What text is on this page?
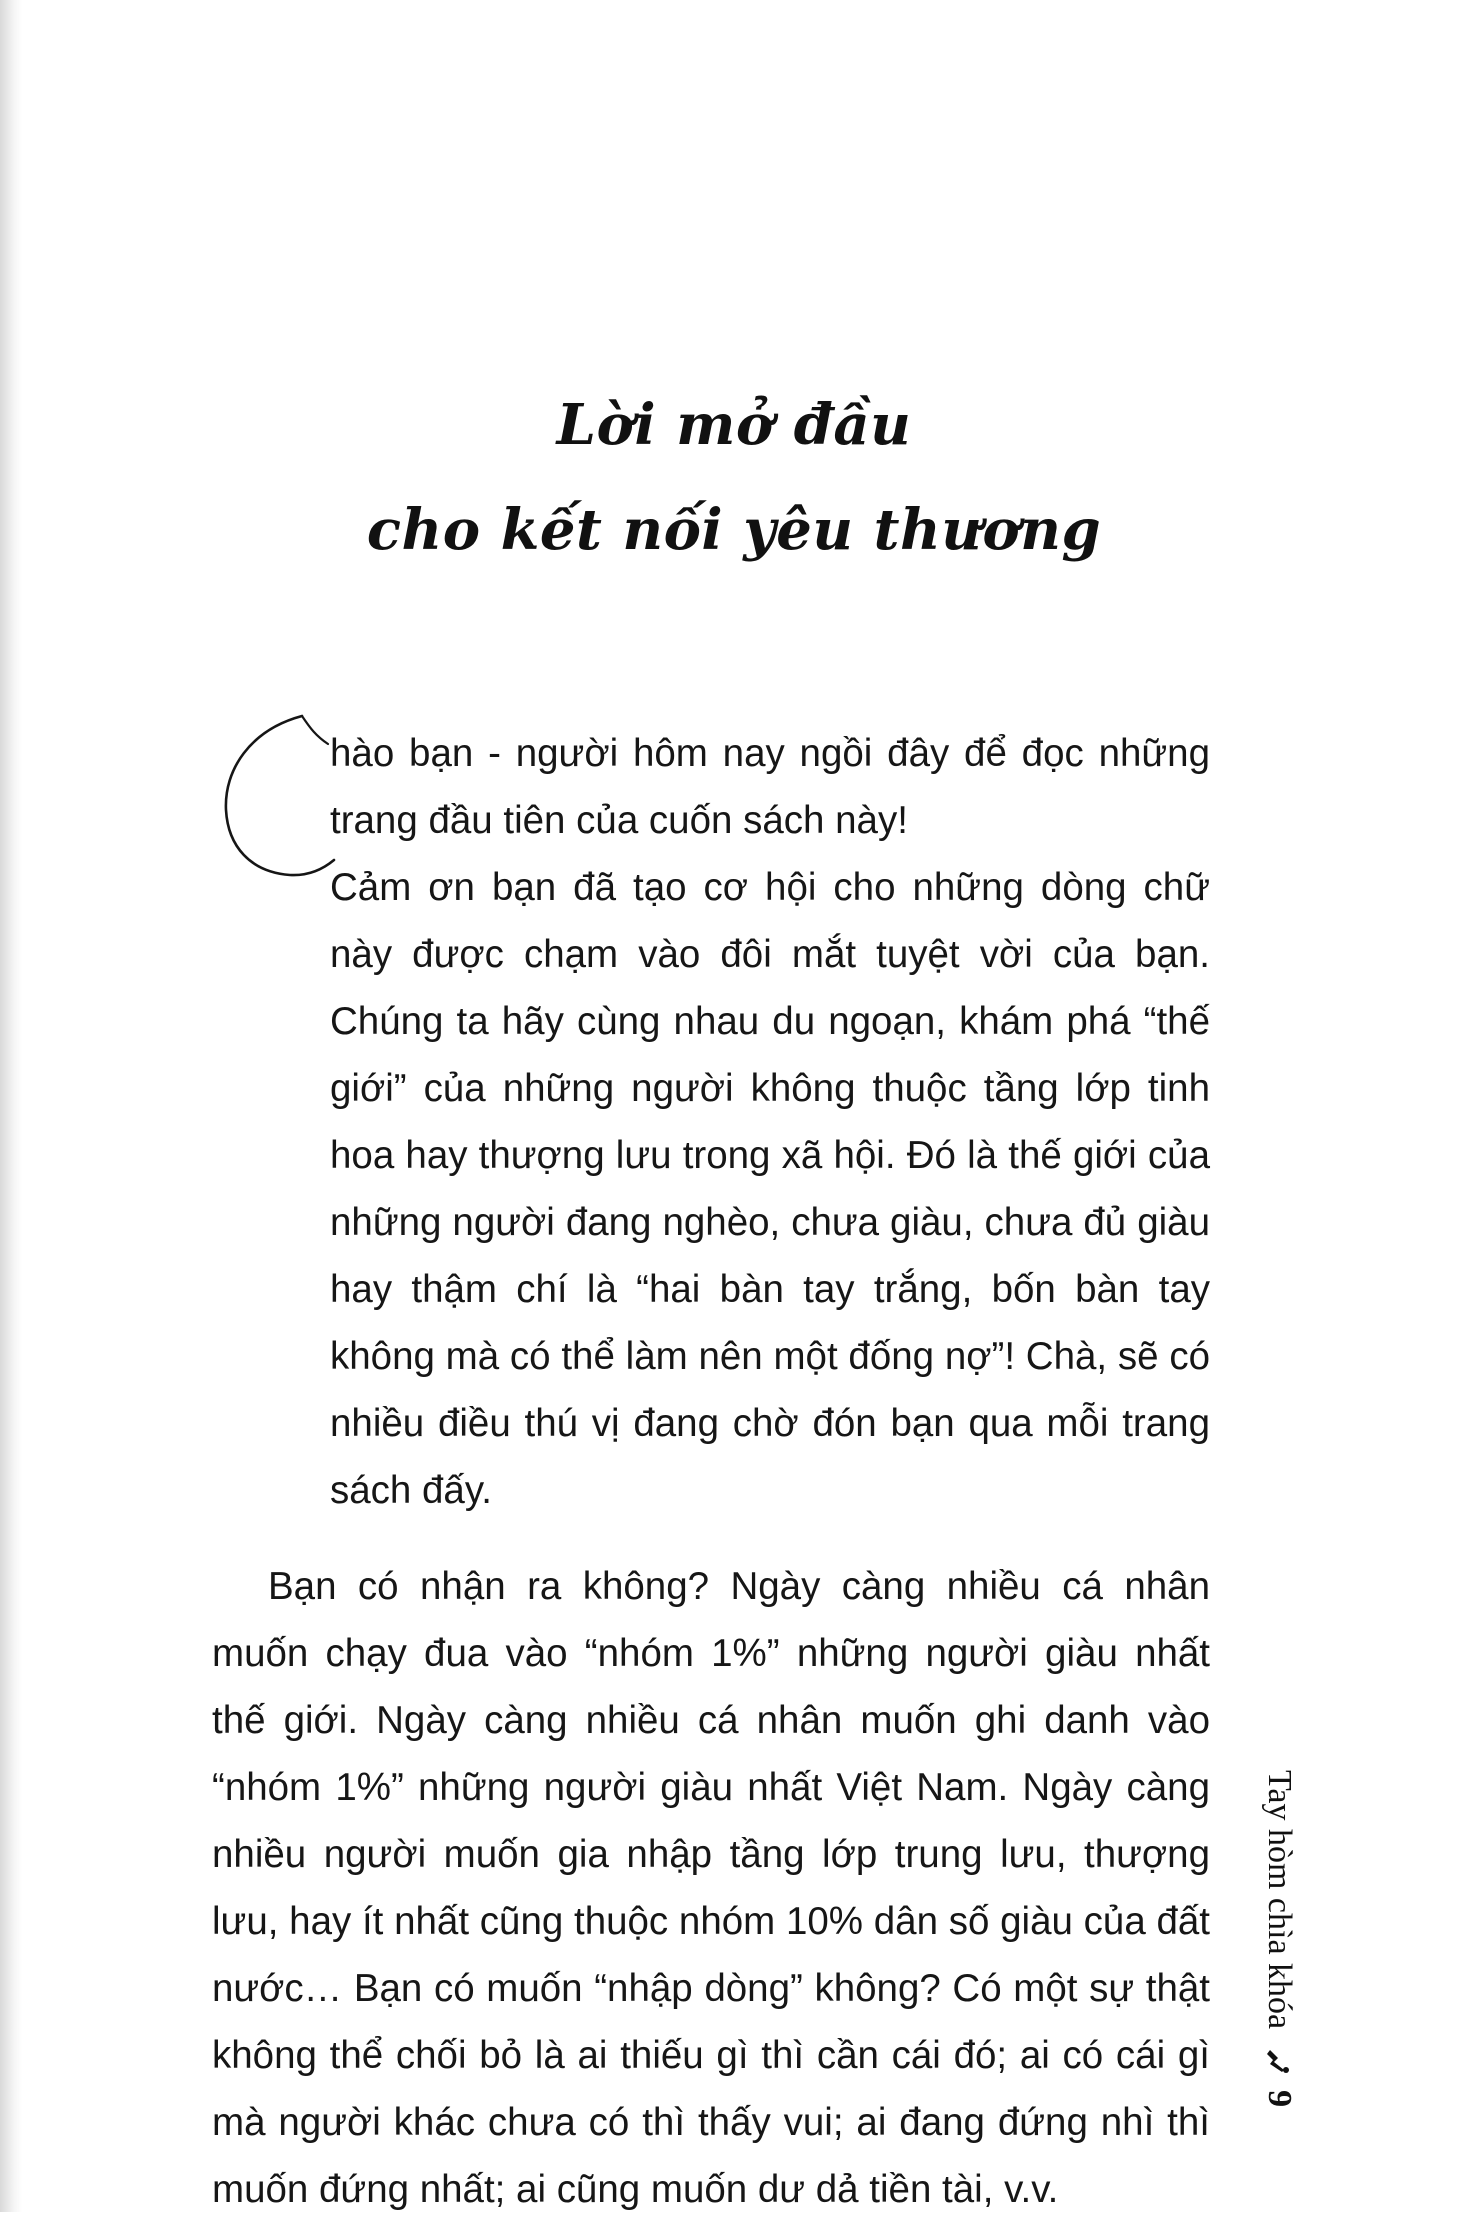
Lời mở đầu
cho kết nối yêu thương

hào bạn - người hôm nay ngồi đây để đọc những trang đầu tiên của cuốn sách này!

Cảm ơn bạn đã tạo cơ hội cho những dòng chữ này được chạm vào đôi mắt tuyệt vời của bạn. Chúng ta hãy cùng nhau du ngoạn, khám phá “thế giới” của những người không thuộc tầng lớp tinh hoa hay thượng lưu trong xã hội. Đó là thế giới của những người đang nghèo, chưa giàu, chưa đủ giàu hay thậm chí là “hai bàn tay trắng, bốn bàn tay không mà có thể làm nên một đống nợ”! Chà, sẽ có nhiều điều thú vị đang chờ đón bạn qua mỗi trang sách đấy.

Bạn có nhận ra không? Ngày càng nhiều cá nhân muốn chạy đua vào “nhóm 1%” những người giàu nhất thế giới. Ngày càng nhiều cá nhân muốn ghi danh vào “nhóm 1%” những người giàu nhất Việt Nam. Ngày càng nhiều người muốn gia nhập tầng lớp trung lưu, thượng lưu, hay ít nhất cũng thuộc nhóm 10% dân số giàu của đất nước… Bạn có muốn “nhập dòng” không? Có một sự thật không thể chối bỏ là ai thiếu gì thì cần cái đó; ai có cái gì mà người khác chưa có thì thấy vui; ai đang đứng nhì thì muốn đứng nhất; ai cũng muốn dư dả tiền tài, v.v.

Tay hòm chìa khóa  9
